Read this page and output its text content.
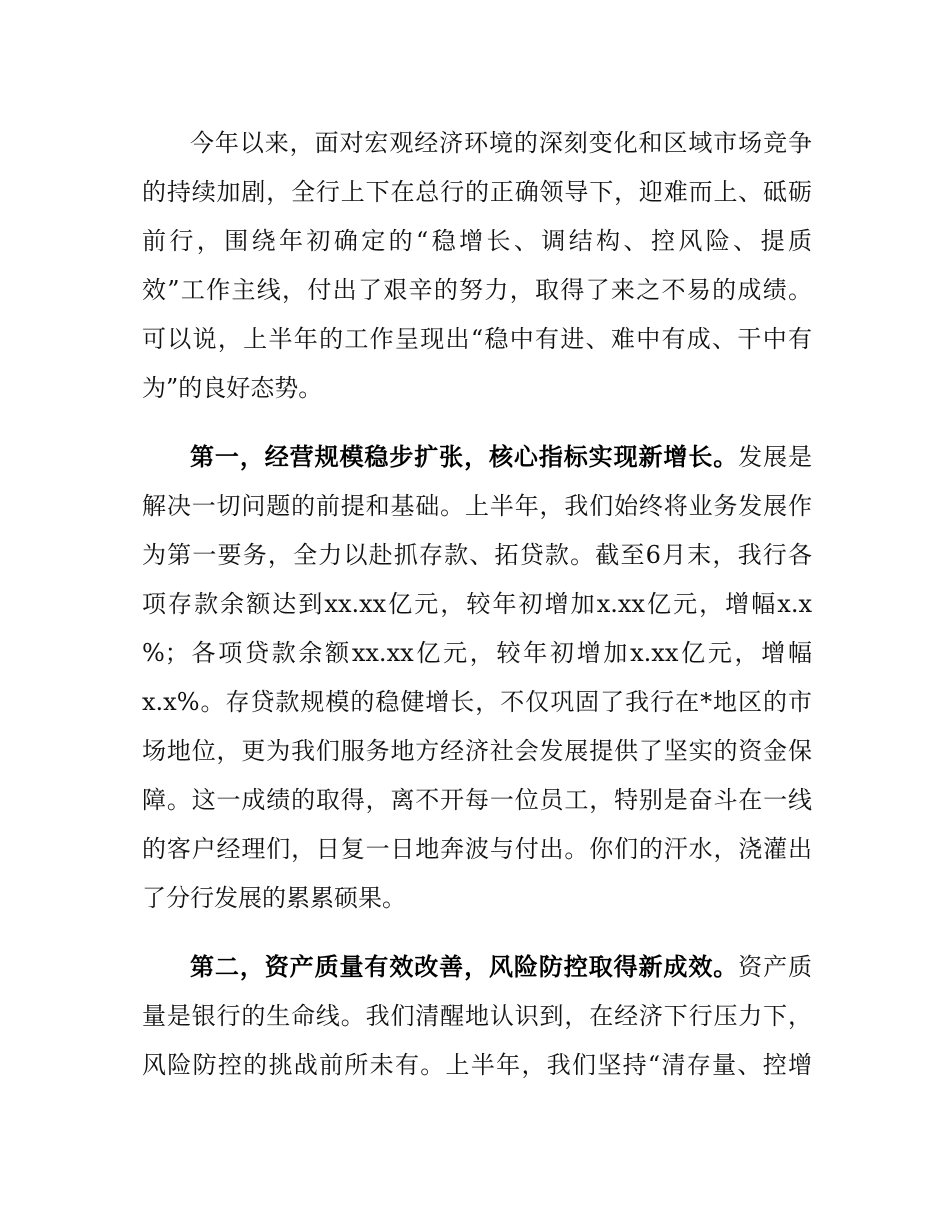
今年以来，面对宏观经济环境的深刻变化和区域市场竞争
的持续加剧，全行上下在总行的正确领导下，迎难而上、砥砺
前行，围绕年初确定的“稳增长、调结构、控风险、提质
效”工作主线，付出了艰辛的努力，取得了来之不易的成绩。
可以说，上半年的工作呈现出“稳中有进、难中有成、干中有
为”的良好态势。
第一，经营规模稳步扩张，核心指标实现新增长。发展是
解决一切问题的前提和基础。上半年，我们始终将业务发展作
为第一要务，全力以赴抓存款、拓贷款。截至6月末，我行各
项存款余额达到xx.xx亿元，较年初增加x.xx亿元，增幅x.x
%；各项贷款余额xx.xx亿元，较年初增加x.xx亿元，增幅
x.x%。存贷款规模的稳健增长，不仅巩固了我行在*地区的市
场地位，更为我们服务地方经济社会发展提供了坚实的资金保
障。这一成绩的取得，离不开每一位员工，特别是奋斗在一线
的客户经理们，日复一日地奔波与付出。你们的汗水，浇灌出
了分行发展的累累硕果。
第二，资产质量有效改善，风险防控取得新成效。资产质
量是银行的生命线。我们清醒地认识到，在经济下行压力下，
风险防控的挑战前所未有。上半年，我们坚持“清存量、控增
